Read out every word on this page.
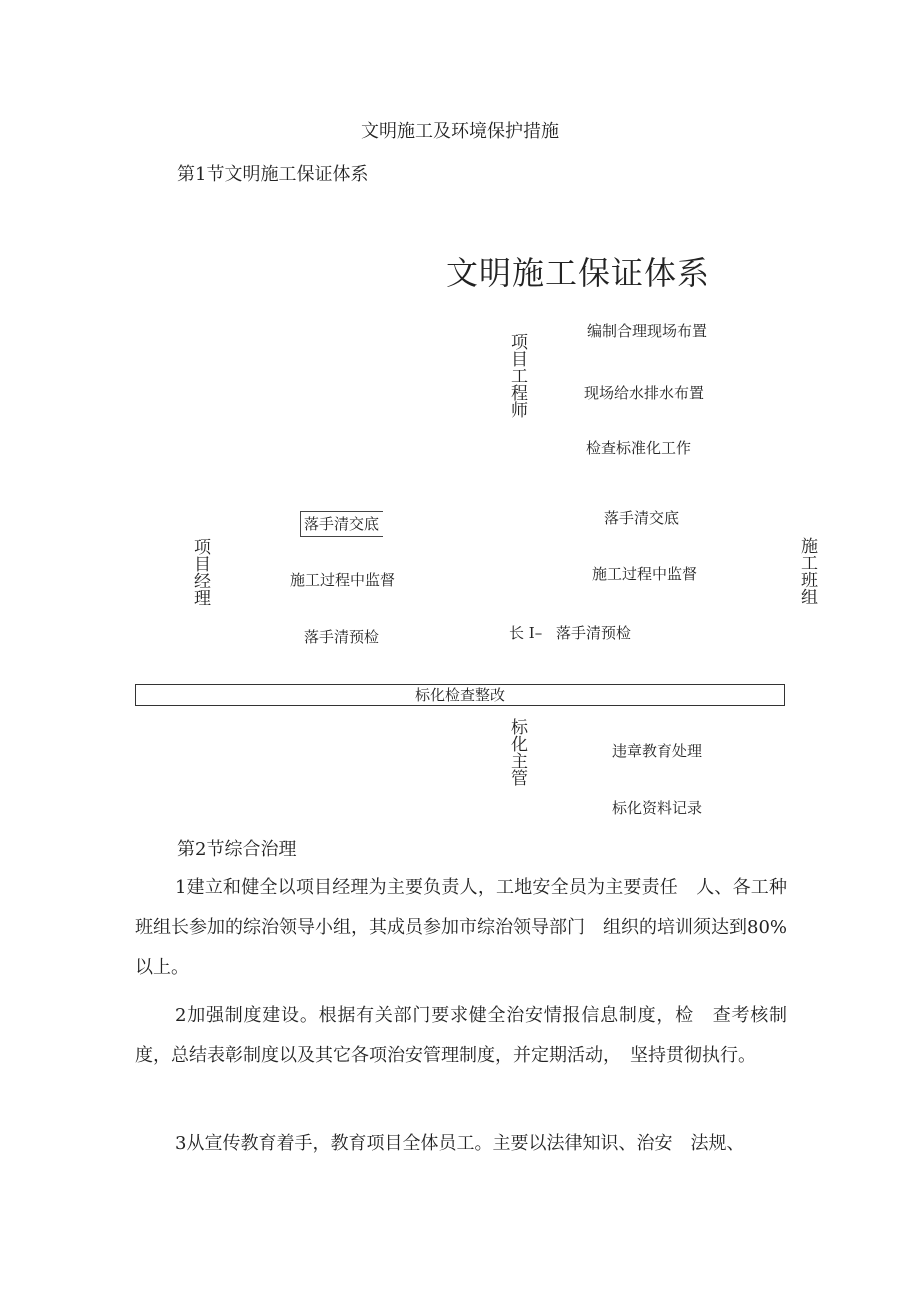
文明施工及环境保护措施
第1节文明施工保证体系
文明施工保证体系
项目工程师
编制合理现场布置
现场给水排水布置
检查标准化工作
项目经理
落手清交底
施工过程中监督
落手清预检
施工班组
落手清交底
施工过程中监督
长 Ⅰ– 落手清预检
标化检查整改
标化主管	违章教育处理
标化资料记录
第2节综合治理
1建立和健全以项目经理为主要负责人，工地安全员为主要责任　人、各工种班组长参加的综治领导小组，其成员参加市综治领导部门　组织的培训须达到80%以上。
2加强制度建设。根据有关部门要求健全治安情报信息制度，检　查考核制度，总结表彰制度以及其它各项治安管理制度，并定期活动，　坚持贯彻执行。
3从宣传教育着手，教育项目全体员工。主要以法律知识、治安　法规、
